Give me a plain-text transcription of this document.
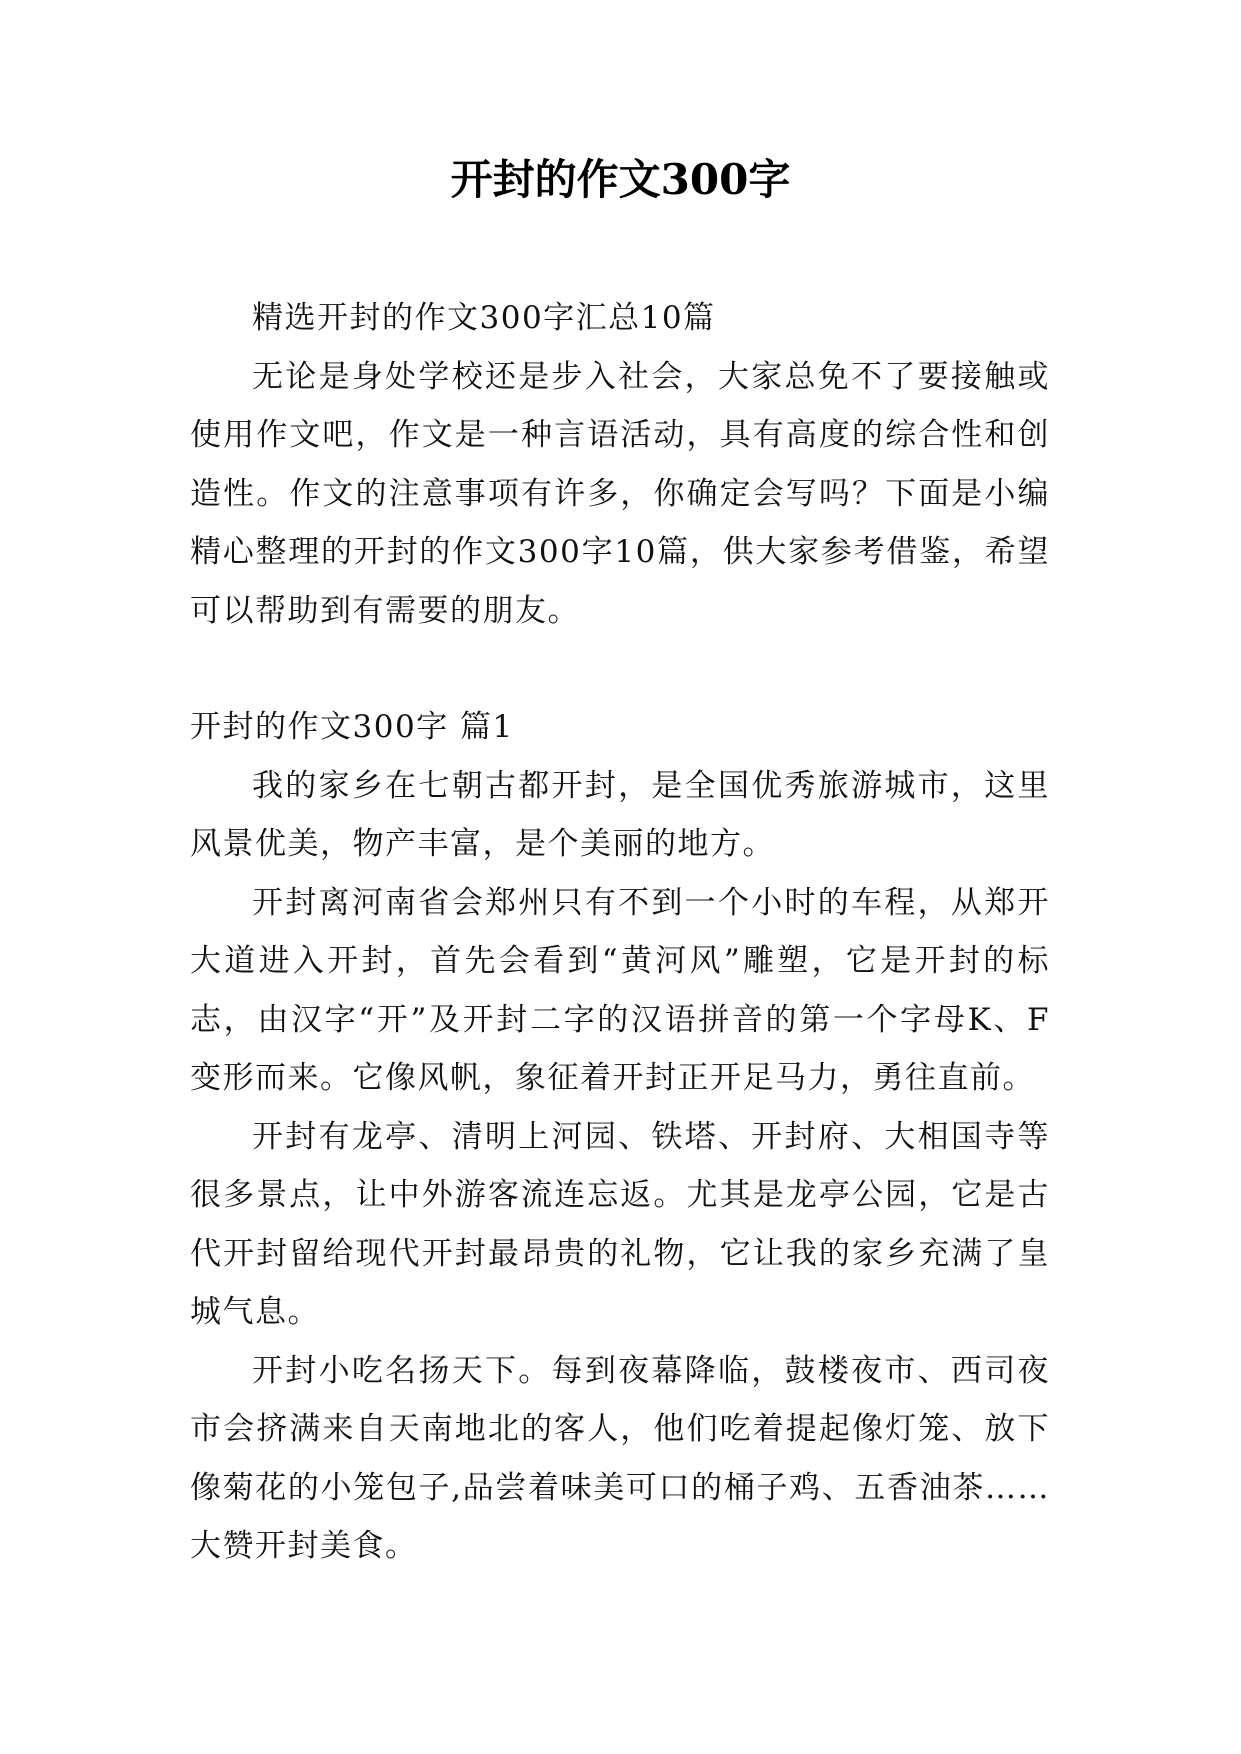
开封的作文300字

精选开封的作文300字汇总10篇

无论是身处学校还是步入社会，大家总免不了要接触或使用作文吧，作文是一种言语活动，具有高度的综合性和创造性。作文的注意事项有许多，你确定会写吗？下面是小编精心整理的开封的作文300字10篇，供大家参考借鉴，希望可以帮助到有需要的朋友。

开封的作文300字 篇1

我的家乡在七朝古都开封，是全国优秀旅游城市，这里风景优美，物产丰富，是个美丽的地方。

开封离河南省会郑州只有不到一个小时的车程，从郑开大道进入开封，首先会看到“黄河风”雕塑，它是开封的标志，由汉字“开”及开封二字的汉语拼音的第一个字母K、F变形而来。它像风帆，象征着开封正开足马力，勇往直前。

开封有龙亭、清明上河园、铁塔、开封府、大相国寺等很多景点，让中外游客流连忘返。尤其是龙亭公园，它是古代开封留给现代开封最昂贵的礼物，它让我的家乡充满了皇城气息。

开封小吃名扬天下。每到夜幕降临，鼓楼夜市、西司夜市会挤满来自天南地北的客人，他们吃着提起像灯笼、放下像菊花的小笼包子,品尝着味美可口的桶子鸡、五香油茶……大赞开封美食。
